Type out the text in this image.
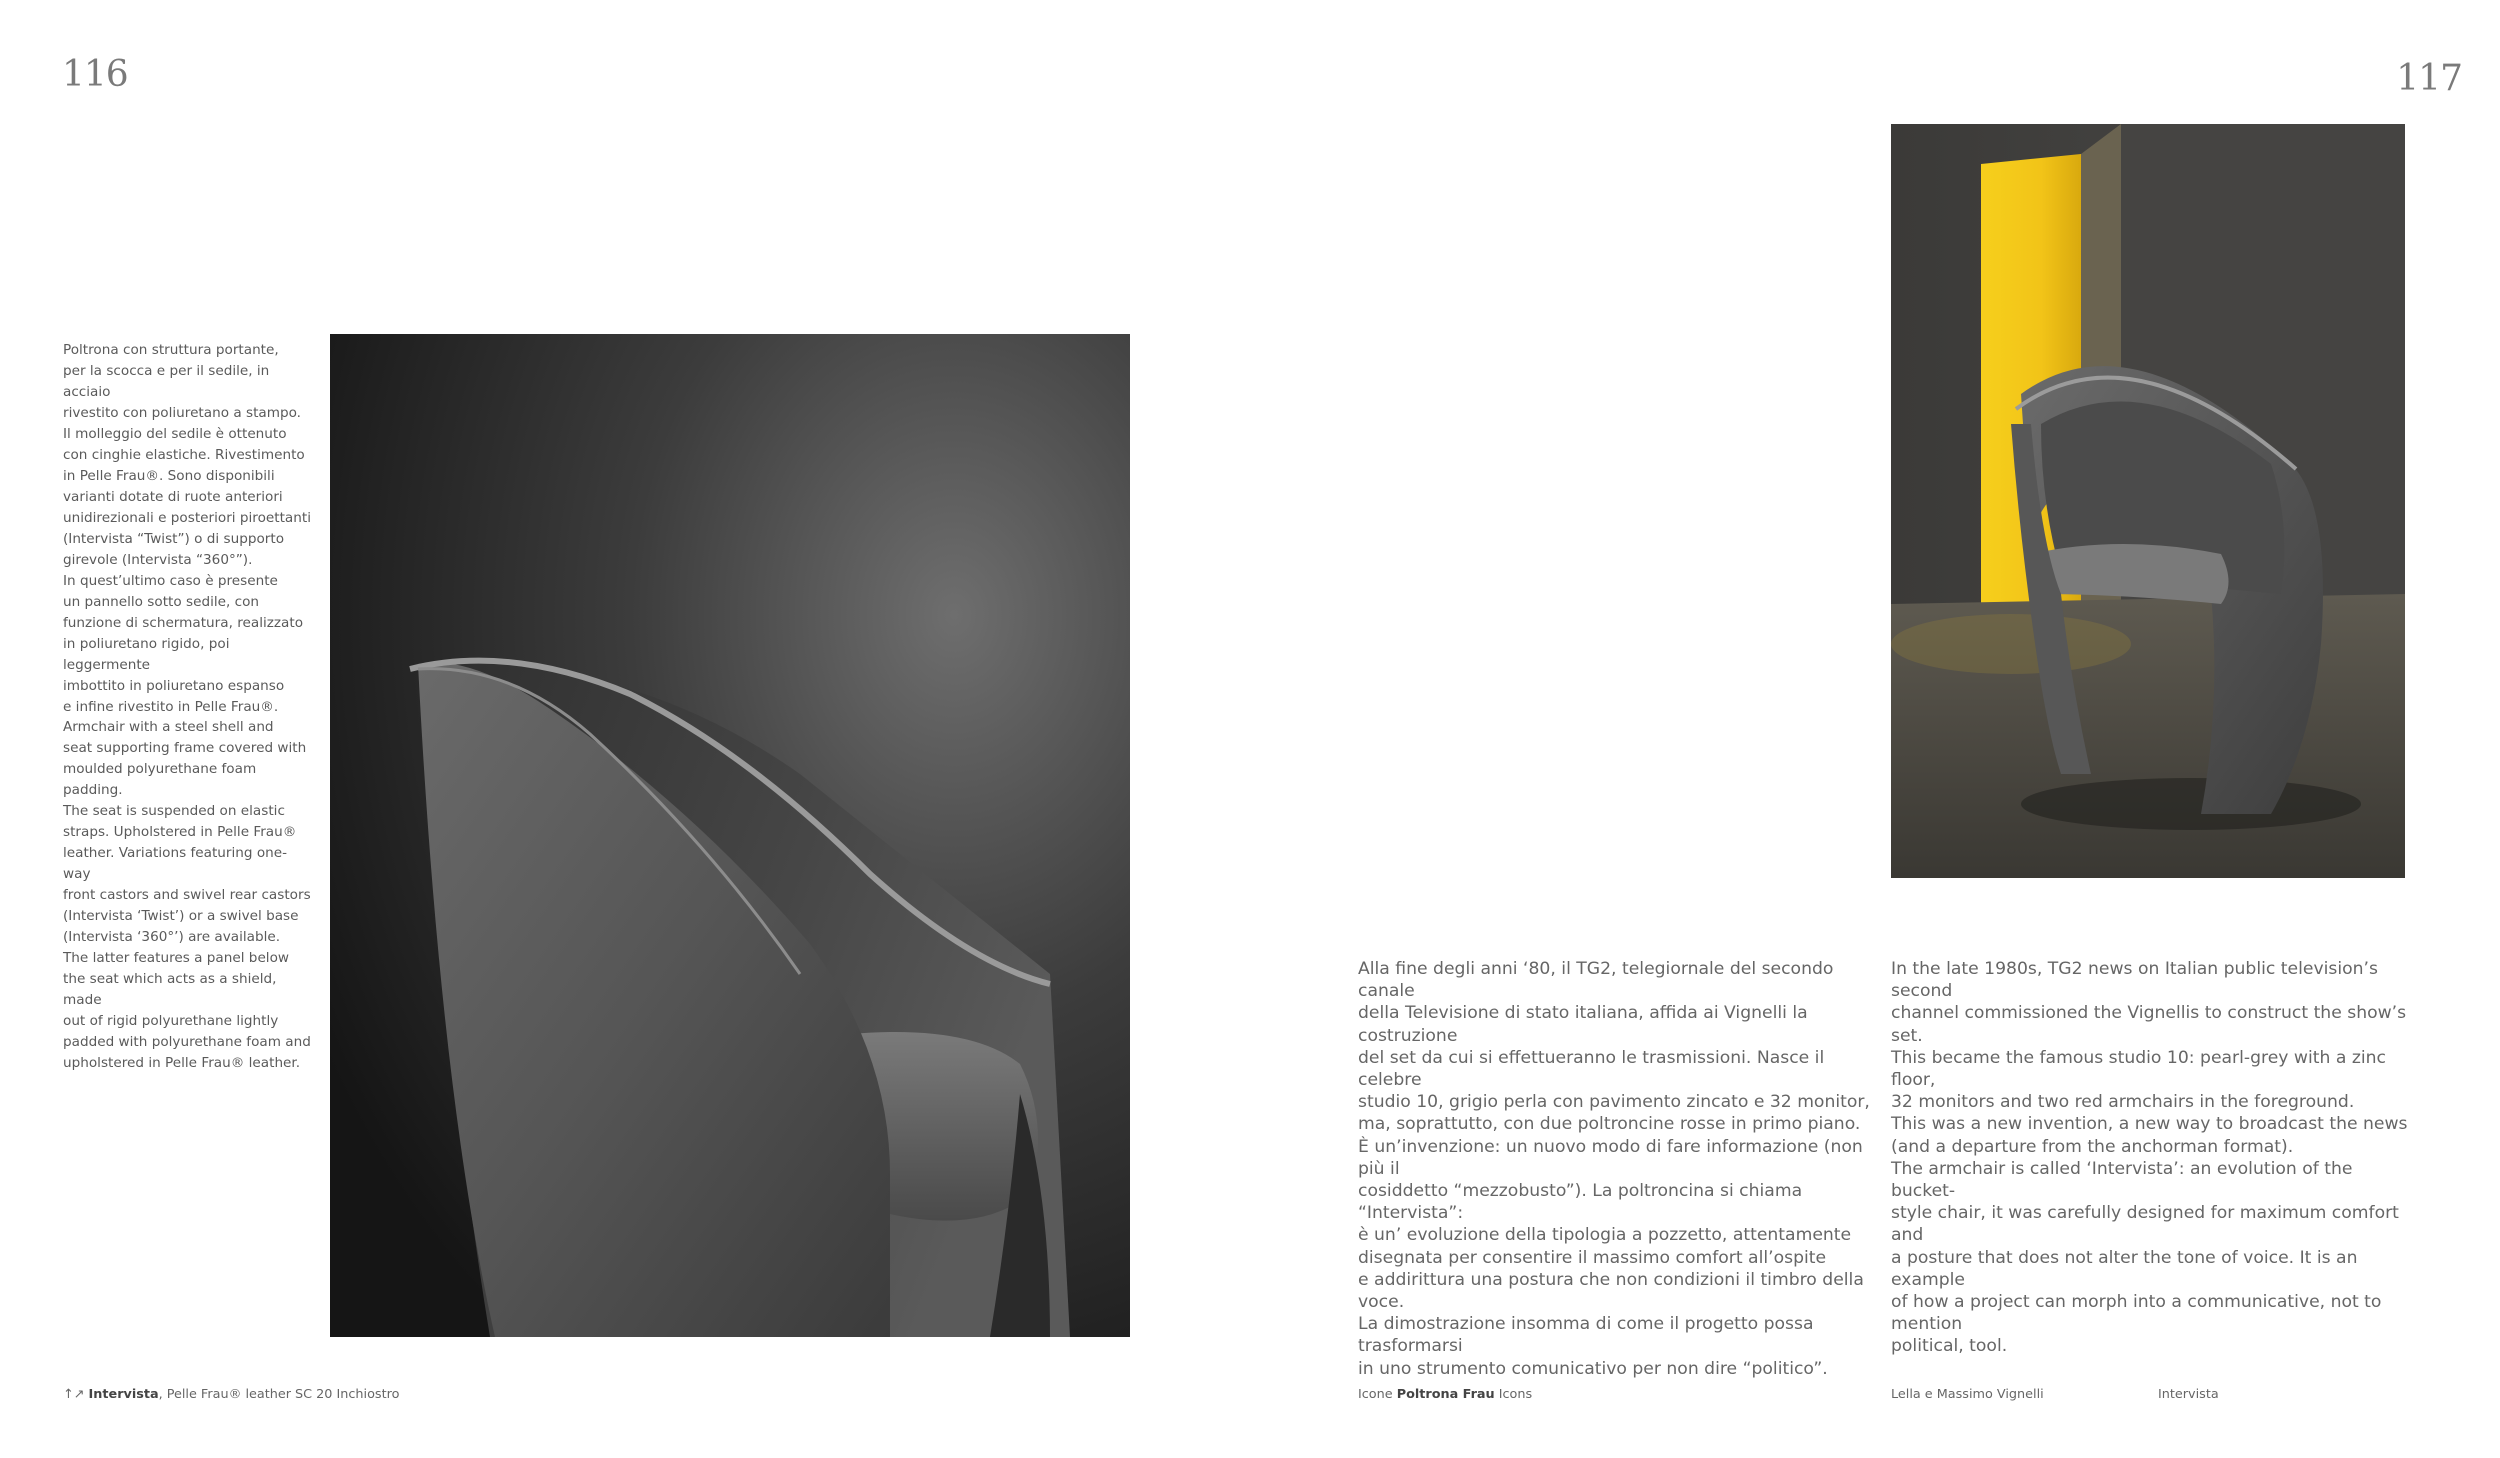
116	117

Poltrona con struttura portante,
per la scocca e per il sedile, in acciaio
rivestito con poliuretano a stampo.
Il molleggio del sedile è ottenuto
con cinghie elastiche. Rivestimento
in Pelle Frau®. Sono disponibili
varianti dotate di ruote anteriori
unidirezionali e posteriori piroettanti
(Intervista “Twist”) o di supporto
girevole (Intervista “360°”).
In quest’ultimo caso è presente
un pannello sotto sedile, con
funzione di schermatura, realizzato
in poliuretano rigido, poi leggermente
imbottito in poliuretano espanso
e infine rivestito in Pelle Frau®.

Armchair with a steel shell and
seat supporting frame covered with
moulded polyurethane foam padding.
The seat is suspended on elastic
straps. Upholstered in Pelle Frau®
leather. Variations featuring one-way
front castors and swivel rear castors
(Intervista ‘Twist’) or a swivel base
(Intervista ‘360°’) are available.
The latter features a panel below
the seat which acts as a shield, made
out of rigid polyurethane lightly
padded with polyurethane foam and
upholstered in Pelle Frau® leather.

Alla fine degli anni ‘80, il TG2, telegiornale del secondo canale
della Televisione di stato italiana, affida ai Vignelli la costruzione
del set da cui si effettueranno le trasmissioni. Nasce il celebre
studio 10, grigio perla con pavimento zincato e 32 monitor,
ma, soprattutto, con due poltroncine rosse in primo piano.
È un’invenzione: un nuovo modo di fare informazione (non più il
cosiddetto “mezzobusto”). La poltroncina si chiama “Intervista”:
è un’ evoluzione della tipologia a pozzetto, attentamente
disegnata per consentire il massimo comfort all’ospite
e addirittura una postura che non condizioni il timbro della voce.
La dimostrazione insomma di come il progetto possa trasformarsi
in uno strumento comunicativo per non dire “politico”.

In the late 1980s, TG2 news on Italian public television’s second
channel commissioned the Vignellis to construct the show’s set.
This became the famous studio 10: pearl-grey with a zinc floor,
32 monitors and two red armchairs in the foreground.
This was a new invention, a new way to broadcast the news
(and a departure from the anchorman format).
The armchair is called ‘Intervista’: an evolution of the bucket-
style chair, it was carefully designed for maximum comfort and
a posture that does not alter the tone of voice. It is an example
of how a project can morph into a communicative, not to mention
political, tool.

↑↗ Intervista, Pelle Frau® leather SC 20 Inchiostro	Icone Poltrona Frau Icons	Lella e Massimo Vignelli	Intervista
